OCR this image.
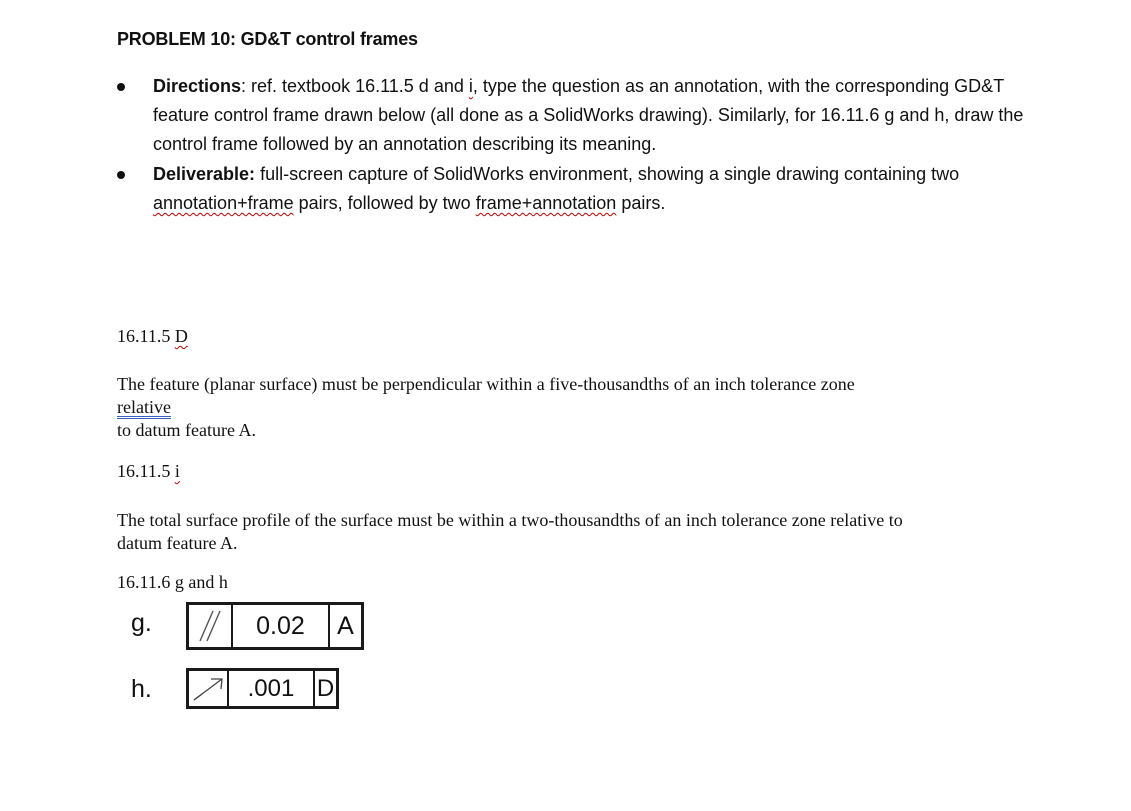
PROBLEM 10: GD&T control frames
Directions: ref. textbook 16.11.5 d and i, type the question as an annotation, with the corresponding GD&T feature control frame drawn below (all done as a SolidWorks drawing). Similarly, for 16.11.6 g and h, draw the control frame followed by an annotation describing its meaning.
Deliverable: full-screen capture of SolidWorks environment, showing a single drawing containing two annotation+frame pairs, followed by two frame+annotation pairs.
16.11.5 D
The feature (planar surface) must be perpendicular within a five-thousandths of an inch tolerance zone
relative
to datum feature A.
16.11.5 i
The total surface profile of the surface must be within a two-thousandths of an inch tolerance zone relative to
datum feature A.
16.11.6 g and h
g.	0.02	A
h.	.001 D
